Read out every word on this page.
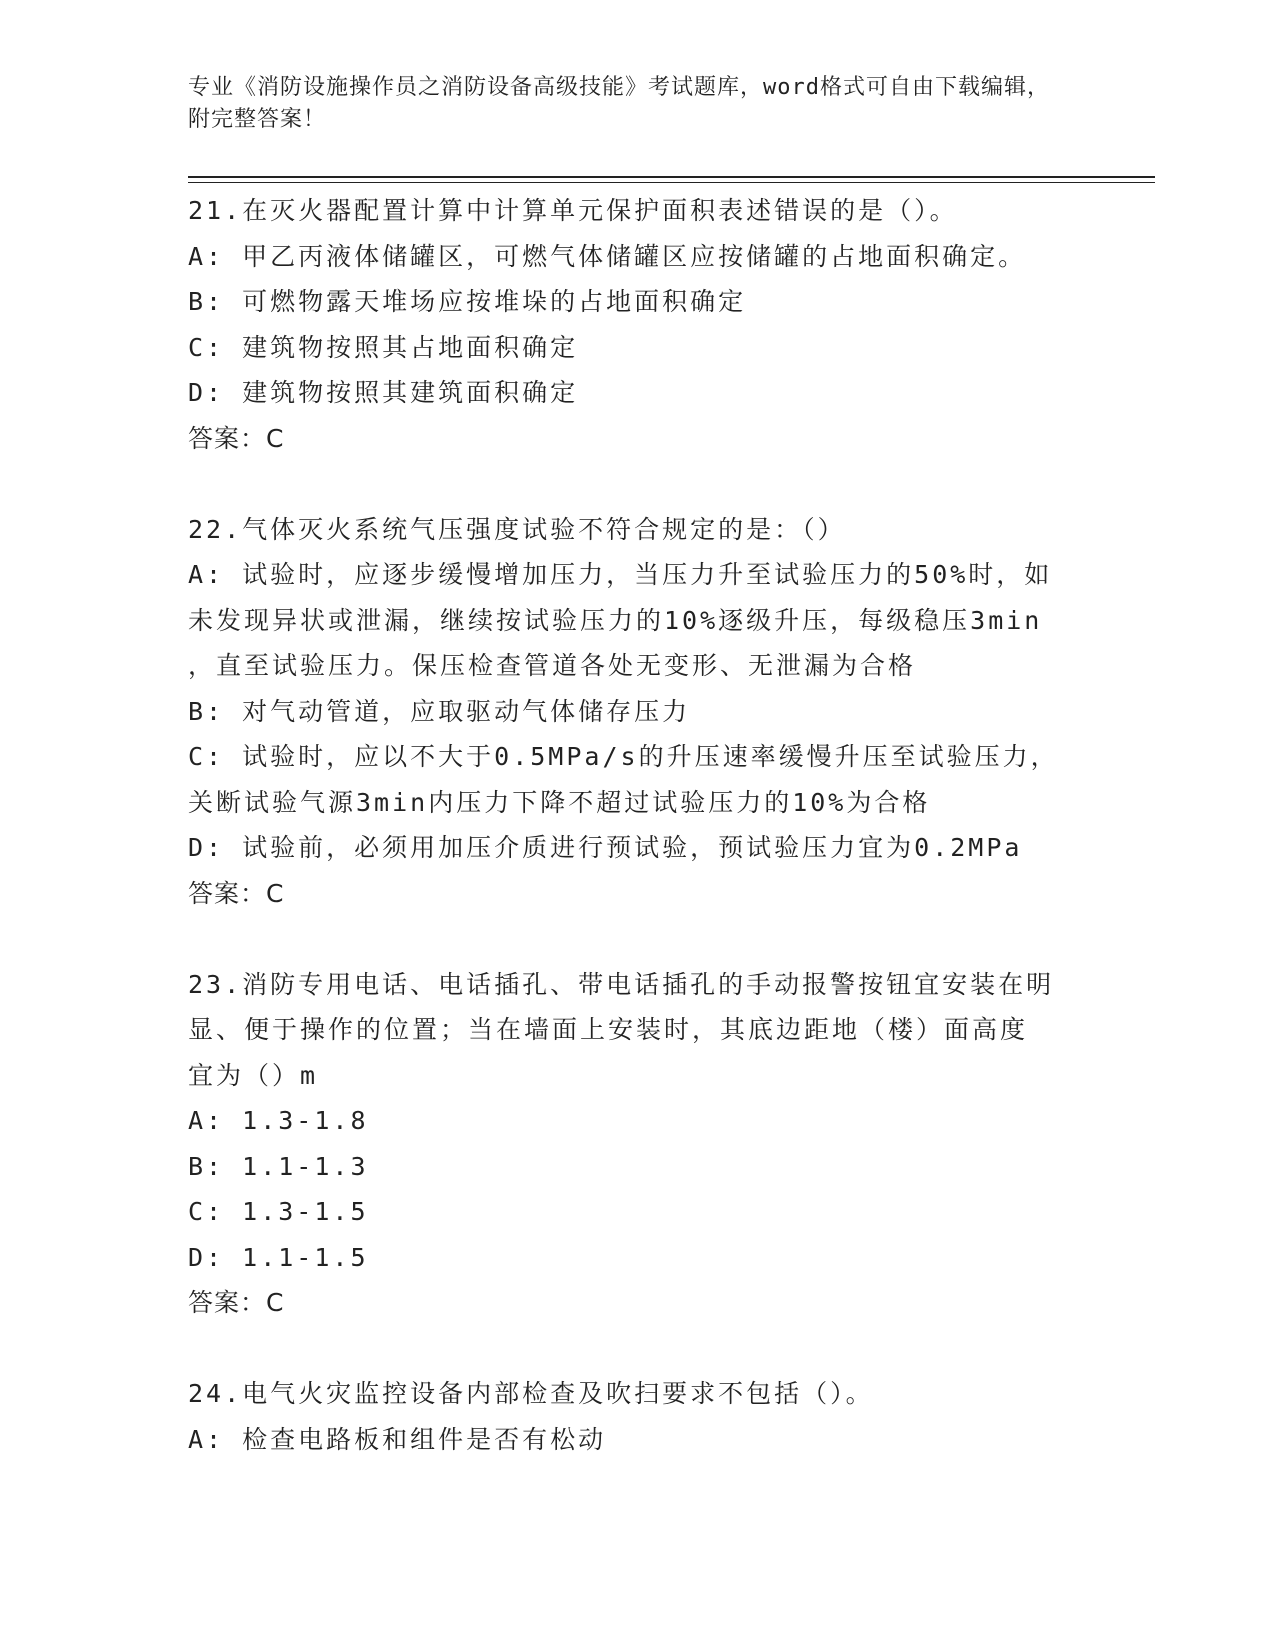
专业《消防设施操作员之消防设备高级技能》考试题库，word格式可自由下载编辑，附完整答案！
21.在灭火器配置计算中计算单元保护面积表述错误的是（）。
A: 甲乙丙液体储罐区，可燃气体储罐区应按储罐的占地面积确定。
B: 可燃物露天堆场应按堆垛的占地面积确定
C: 建筑物按照其占地面积确定
D: 建筑物按照其建筑面积确定
答案：C
22.气体灭火系统气压强度试验不符合规定的是：（）
A: 试验时，应逐步缓慢增加压力，当压力升至试验压力的50%时，如
未发现异状或泄漏，继续按试验压力的10%逐级升压，每级稳压3min
，直至试验压力。保压检查管道各处无变形、无泄漏为合格
B: 对气动管道，应取驱动气体储存压力
C: 试验时，应以不大于0.5MPa/s的升压速率缓慢升压至试验压力，
关断试验气源3min内压力下降不超过试验压力的10%为合格
D: 试验前，必须用加压介质进行预试验，预试验压力宜为0.2MPa
答案：C
23.消防专用电话、电话插孔、带电话插孔的手动报警按钮宜安装在明
显、便于操作的位置；当在墙面上安装时，其底边距地（楼）面高度
宜为（）m
A: 1.3-1.8
B: 1.1-1.3
C: 1.3-1.5
D: 1.1-1.5
答案：C
24.电气火灾监控设备内部检查及吹扫要求不包括（）。
A: 检查电路板和组件是否有松动
